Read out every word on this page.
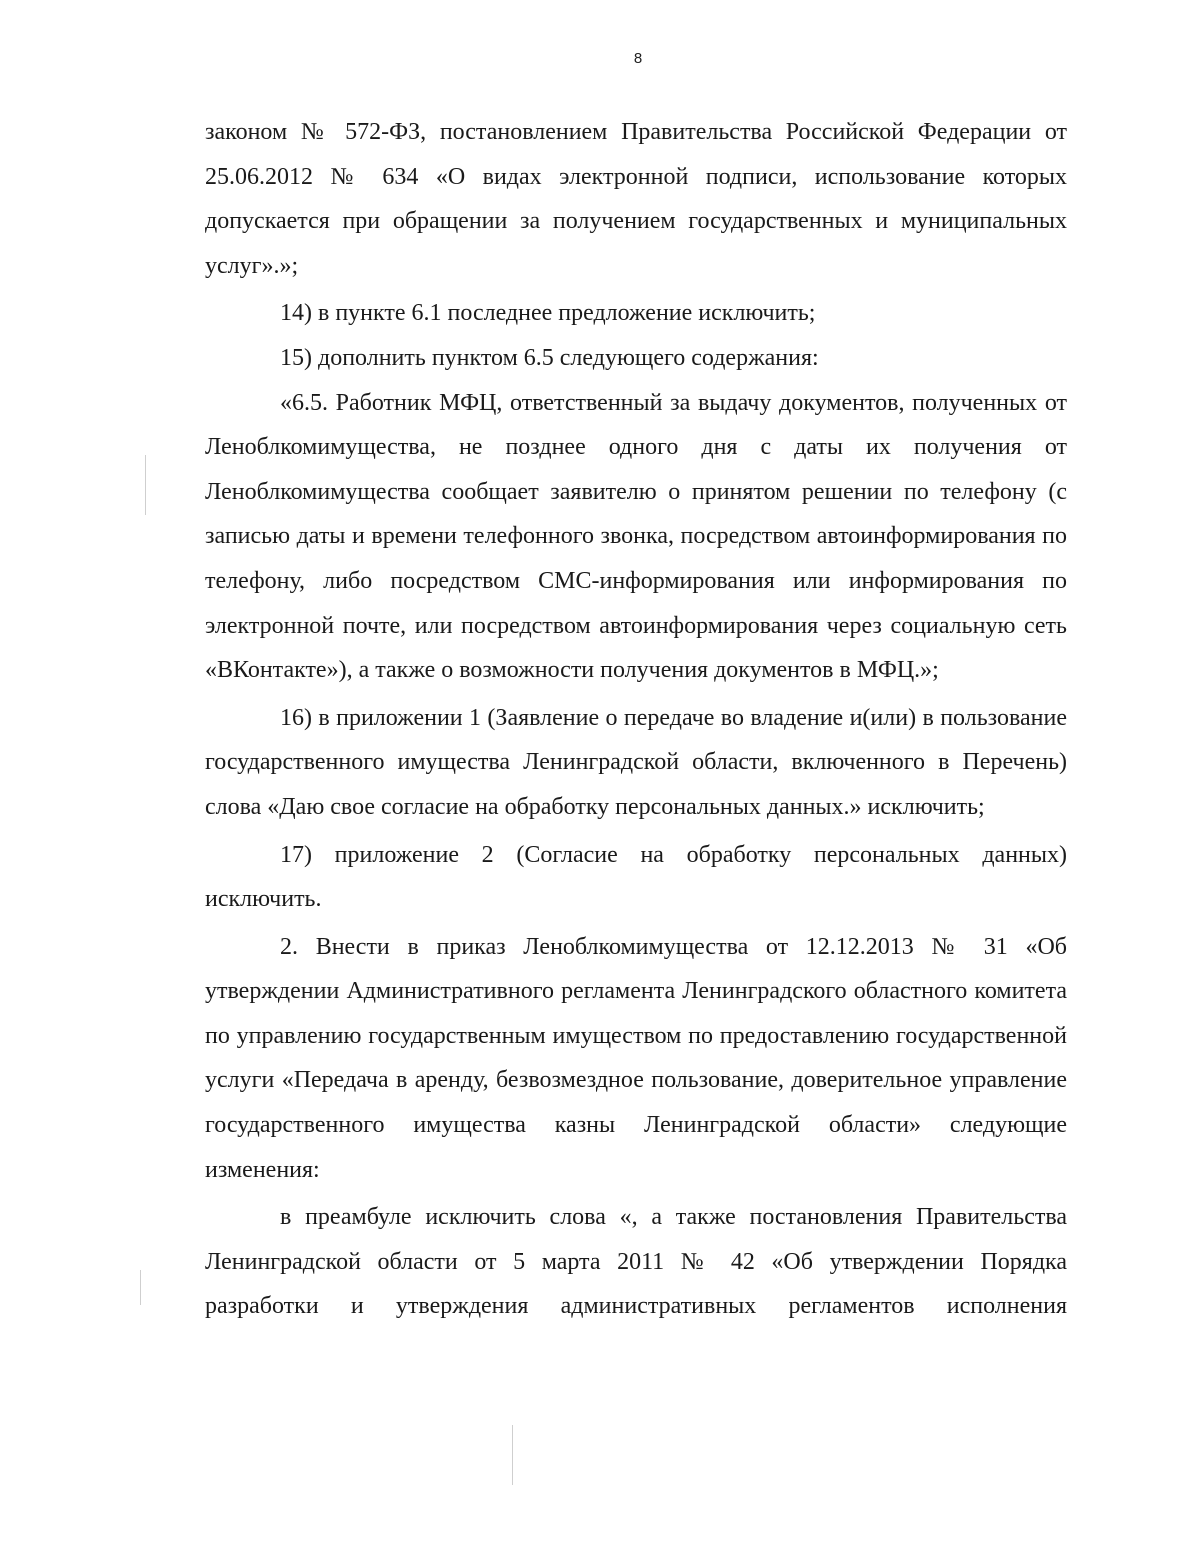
8

законом № 572-ФЗ, постановлением Правительства Российской Федерации от 25.06.2012 № 634 «О видах электронной подписи, использование которых допускается при обращении за получением государственных и муниципальных услуг».»;

14) в пункте 6.1 последнее предложение исключить;

15) дополнить пунктом 6.5 следующего содержания:

«6.5. Работник МФЦ, ответственный за выдачу документов, полученных от Леноблкомимущества, не позднее одного дня с даты их получения от Леноблкомимущества сообщает заявителю о принятом решении по телефону (с записью даты и времени телефонного звонка, посредством автоинформирования по телефону, либо посредством СМС-информирования или информирования по электронной почте, или посредством автоинформирования через социальную сеть «ВКонтакте»), а также о возможности получения документов в МФЦ.»;

16) в приложении 1 (Заявление о передаче во владение и(или) в пользование государственного имущества Ленинградской области, включенного в Перечень) слова «Даю свое согласие на обработку персональных данных.» исключить;

17) приложение 2 (Согласие на обработку персональных данных) исключить.

2. Внести в приказ Леноблкомимущества от 12.12.2013 № 31 «Об утверждении Административного регламента Ленинградского областного комитета по управлению государственным имуществом по предоставлению государственной услуги «Передача в аренду, безвозмездное пользование, доверительное управление государственного имущества казны Ленинградской области» следующие изменения:

в преамбуле исключить слова «, а также постановления Правительства Ленинградской области от 5 марта 2011 № 42 «Об утверждении Порядка разработки и утверждения административных регламентов исполнения
